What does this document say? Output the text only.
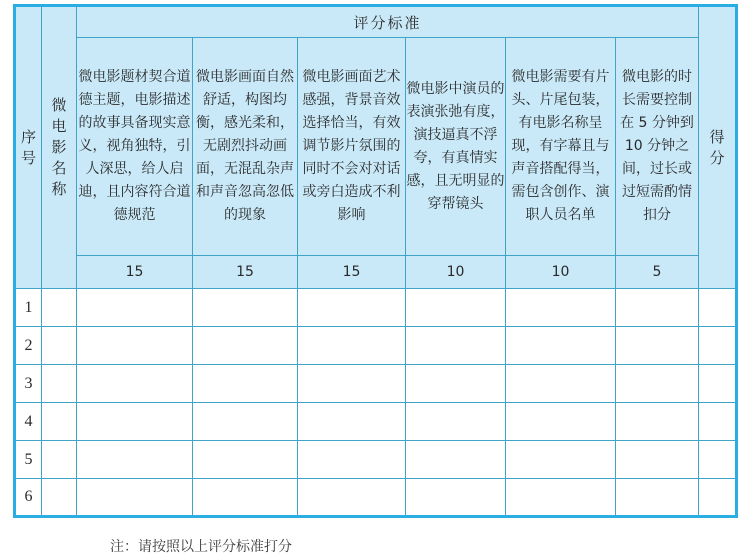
序号	微电影名称	评分标准						得分

		微电影题材契合道德主题，电影描述的故事具备现实意义，视角独特，引人深思，给人启迪，且内容符合道德规范	微电影画面自然舒适，构图均衡，感光柔和，无剧烈抖动画面，无混乱杂声和声音忽高忽低的现象	微电影画面艺术感强，背景音效选择恰当，有效调节影片氛围的同时不会对对话或旁白造成不利影响	微电影中演员的表演张弛有度，演技逼真不浮夸，有真情实感，且无明显的穿帮镜头	微电影需要有片头、片尾包装，有电影名称呈现，有字幕且与声音搭配得当，需包含创作、演职人员名单	微电影的时长需要控制在 5 分钟到 10 分钟之间，过长或过短需酌情扣分	
		15	15	15	10	10	5	
1								
2								
3								
4								
5								
6								
注：请按照以上评分标准打分
